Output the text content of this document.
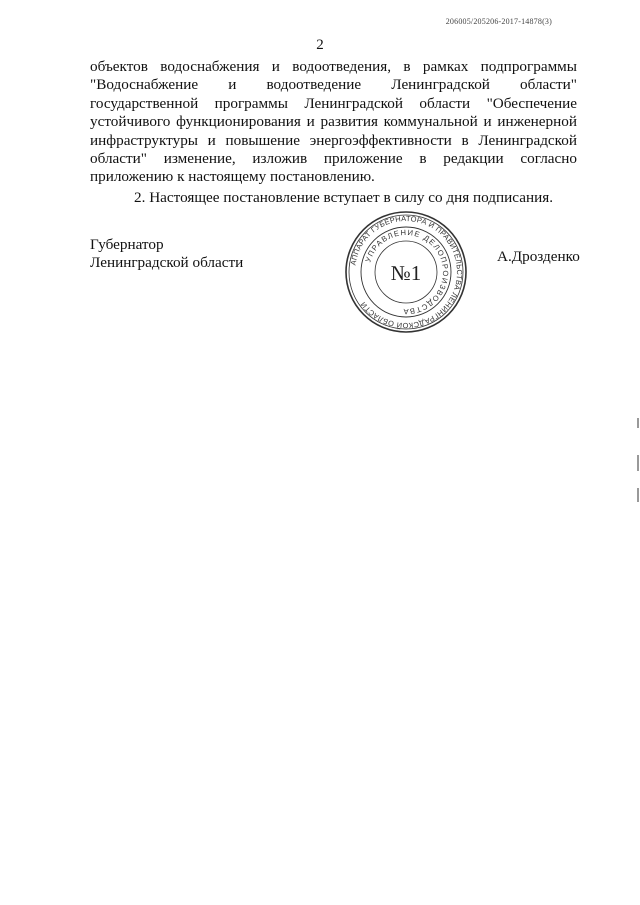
206005/205206-2017-14878(3)
2

объектов водоснабжения и водоотведения, в рамках подпрограммы "Водоснабжение и водоотведение Ленинградской области" государственной программы Ленинградской области "Обеспечение устойчивого функционирования и развития коммунальной и инженерной инфраструктуры и повышение энергоэффективности в Ленинградской области" изменение, изложив приложение в редакции согласно приложению к настоящему постановлению.

2. Настоящее постановление вступает в силу со дня подписания.

Губернатор
Ленинградской области	А.Дрозденко
АППАРАТ ГУБЕРНАТОРА И ПРАВИТЕЛЬСТВА ЛЕНИНГРАДСКОЙ ОБЛАСТИ
УПРАВЛЕНИЕ ДЕЛОПРОИЗВОДСТВА
№1
